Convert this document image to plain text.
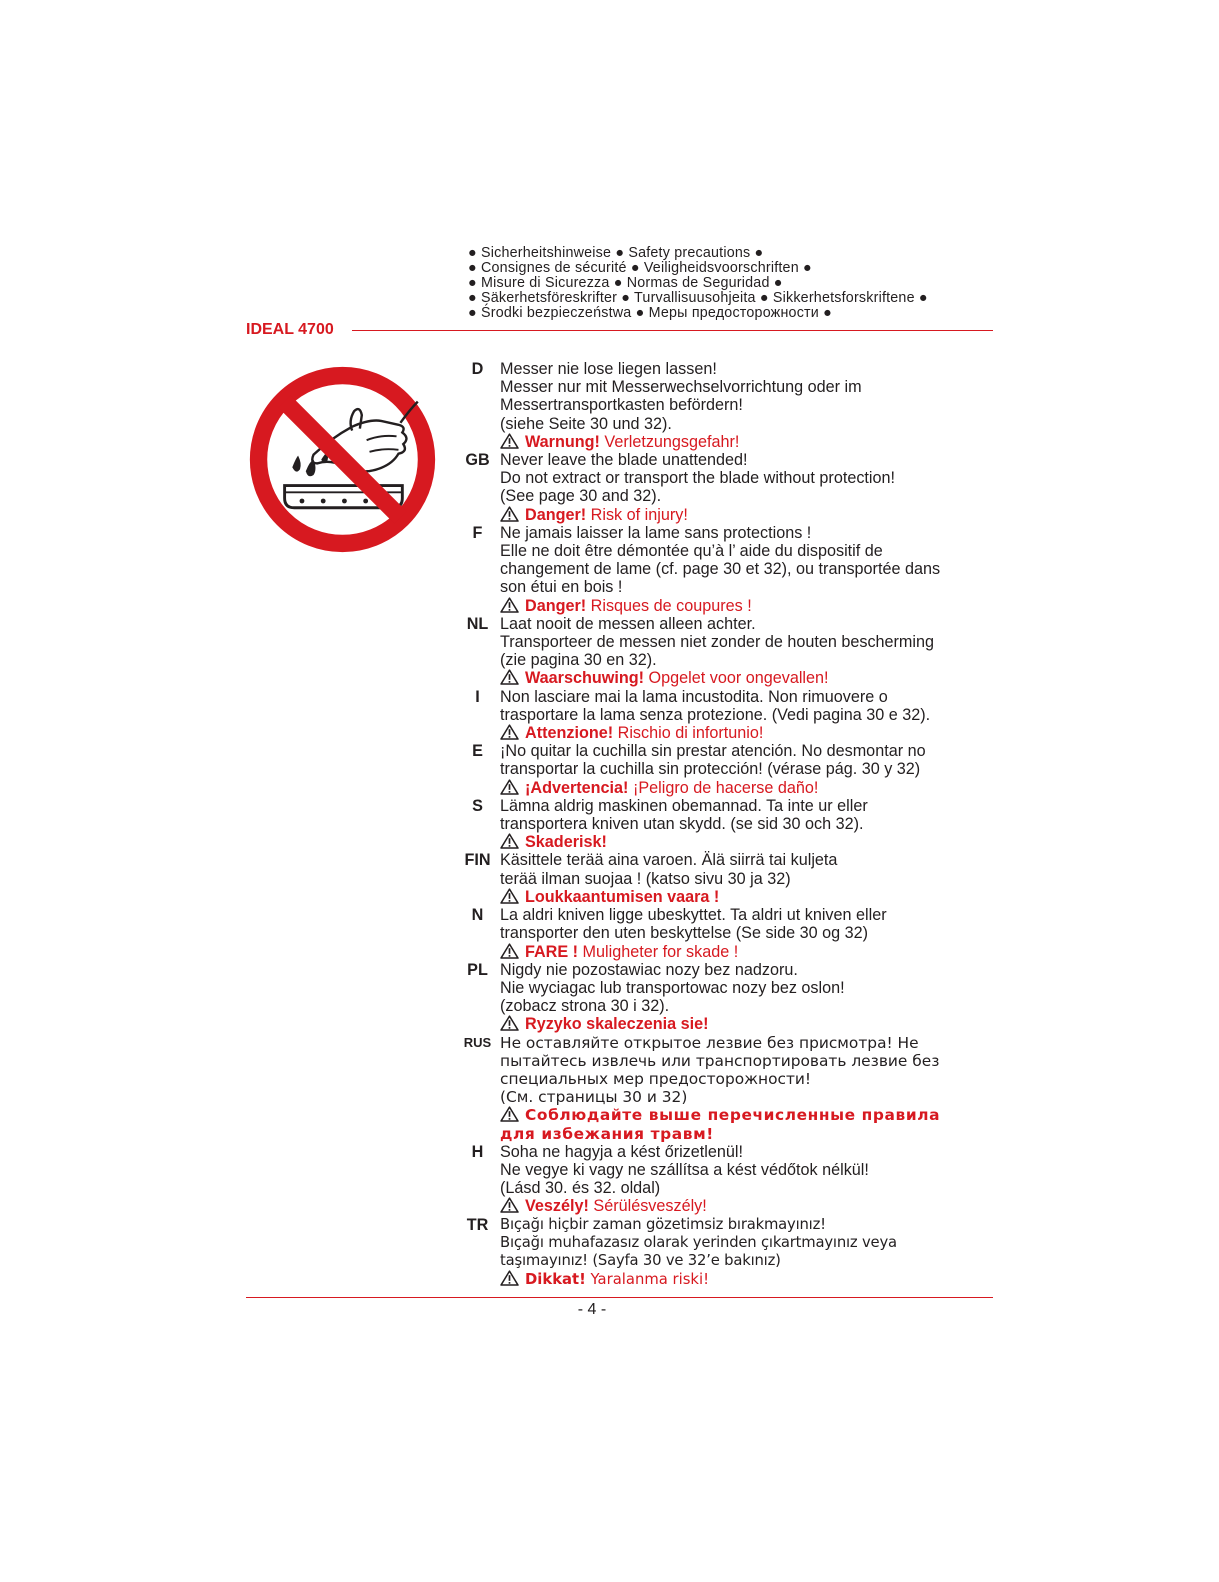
● Sicherheitshinweise ● Safety precautions ●
● Consignes de sécurité ● Veiligheidsvoorschriften ●
● Misure di Sicurezza ● Normas de Seguridad ●
● Säkerhetsföreskrifter ● Turvallisuusohjeita ● Sikkerhetsforskriftene ●
● Środki bezpieczeństwa ● Меры предосторожности ●
IDEAL 4700
D	Messer nie lose liegen lassen!
Messer nur mit Messerwechselvorrichtung oder im
Messertransportkasten befördern!
(siehe Seite 30 und 32).
Warnung! Verletzungsgefahr!
GB Never leave the blade unattended!
Do not extract or transport the blade without protection!
(See page 30 and 32).
Danger! Risk of injury!
F	Ne jamais laisser la lame sans protections !
Elle ne doit être démontée qu’à l’ aide du dispositif de
changement de lame (cf. page 30 et 32), ou transportée dans
son étui en bois !
Danger! Risques de coupures !
NL Laat nooit de messen alleen achter.
Transporteer de messen niet zonder de houten bescherming
(zie pagina 30 en 32).
Waarschuwing! Opgelet voor ongevallen!
I	Non lasciare mai la lama incustodita. Non rimuovere o
trasportare la lama senza protezione. (Vedi pagina 30 e 32).
Attenzione! Rischio di infortunio!
E	¡No quitar la cuchilla sin prestar atención. No desmontar no
transportar la cuchilla sin protección! (vérase pág. 30 y 32)
¡Advertencia! ¡Peligro de hacerse daño!
S	Lämna aldrig maskinen obemannad. Ta inte ur eller
transportera kniven utan skydd. (se sid 30 och 32).
Skaderisk!
FIN Käsittele terää aina varoen. Älä siirrä tai kuljeta
terää ilman suojaa ! (katso sivu 30 ja 32)
Loukkaantumisen vaara !
N	La aldri kniven ligge ubeskyttet. Ta aldri ut kniven eller
transporter den uten beskyttelse (Se side 30 og 32)
FARE ! Muligheter for skade !
PL Nigdy nie pozostawiac nozy bez nadzoru.
Nie wyciagac lub transportowac nozy bez oslon!
(zobacz strona 30 i 32).
Ryzyko skaleczenia sie!
RUS Не оставляйте открытое лезвие без присмотра! Не
пытайтесь извлечь или транспортировать лезвие без
специальных мер предосторожности!
(См. страницы 30 и 32)
Соблюдайте выше перечисленные правила
для избежания травм!
H	Soha ne hagyja a kést őrizetlenül!
Ne vegye ki vagy ne szállítsa a kést védőtok nélkül!
(Lásd 30. és 32. oldal)
Veszély! Sérülésveszély!
TR Bıçağı hiçbir zaman gözetimsiz bırakmayınız!
Bıçağı muhafazasız olarak yerinden çıkartmayınız veya
taşımayınız! (Sayfa 30 ve 32’e bakınız)
Dikkat! Yaralanma riski!
- 4 -
